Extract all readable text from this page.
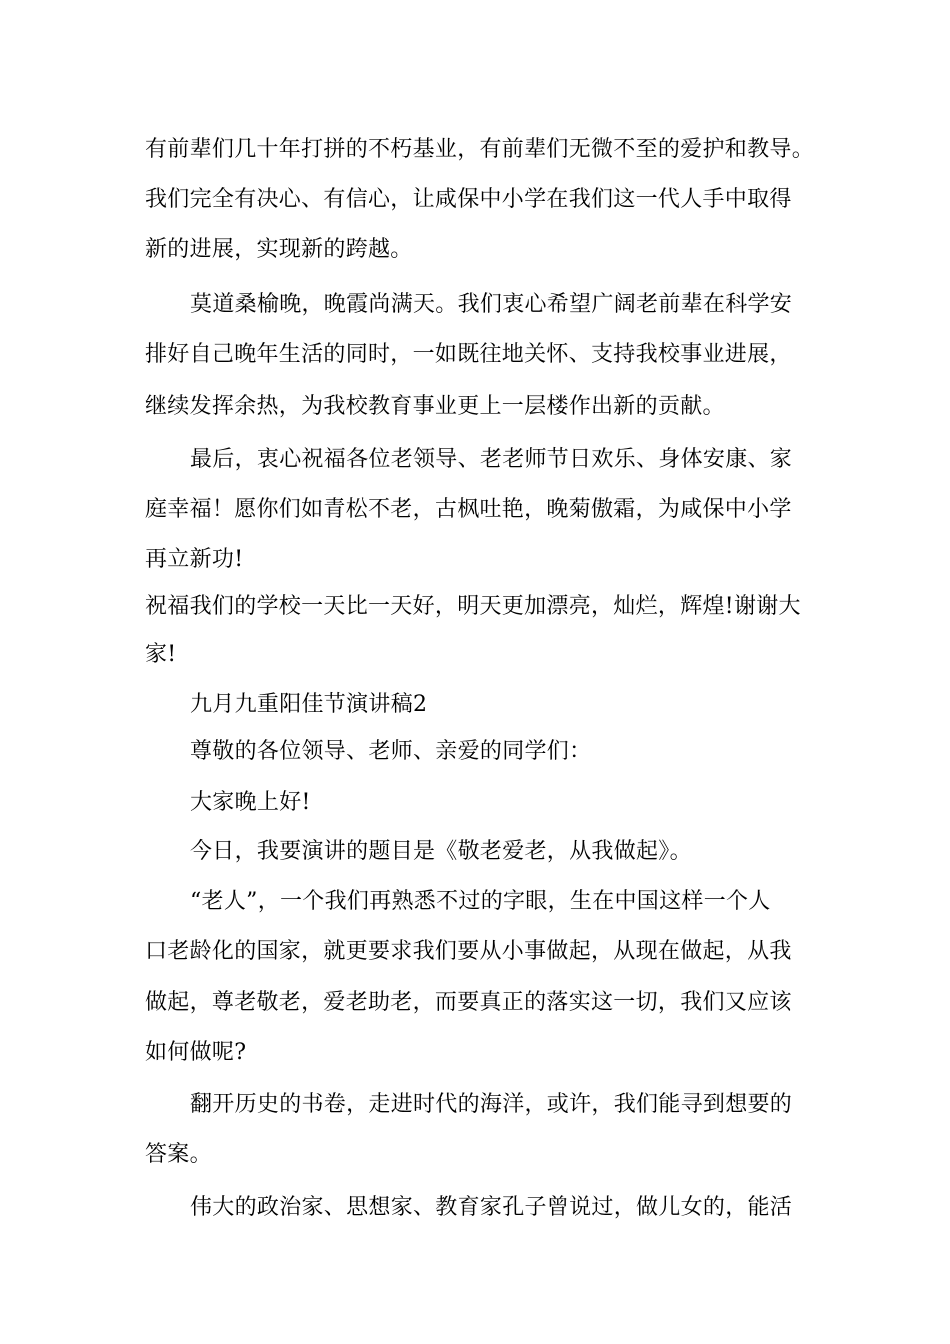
有前辈们几十年打拼的不朽基业，有前辈们无微不至的爱护和教导。
我们完全有决心、有信心，让咸保中小学在我们这一代人手中取得
新的进展，实现新的跨越。
莫道桑榆晚，晚霞尚满天。我们衷心希望广阔老前辈在科学安
排好自己晚年生活的同时，一如既往地关怀、支持我校事业进展，
继续发挥余热，为我校教育事业更上一层楼作出新的贡献。
最后，衷心祝福各位老领导、老老师节日欢乐、身体安康、家
庭幸福！愿你们如青松不老，古枫吐艳，晚菊傲霜，为咸保中小学
再立新功!
祝福我们的学校一天比一天好，明天更加漂亮，灿烂，辉煌!谢谢大
家!
九月九重阳佳节演讲稿2
尊敬的各位领导、老师、亲爱的同学们：
大家晚上好!
今日，我要演讲的题目是《敬老爱老，从我做起》。
“老人”，一个我们再熟悉不过的字眼，生在中国这样一个人
口老龄化的国家，就更要求我们要从小事做起，从现在做起，从我
做起，尊老敬老，爱老助老，而要真正的落实这一切，我们又应该
如何做呢?
翻开历史的书卷，走进时代的海洋，或许，我们能寻到想要的
答案。
伟大的政治家、思想家、教育家孔子曾说过，做儿女的，能活
